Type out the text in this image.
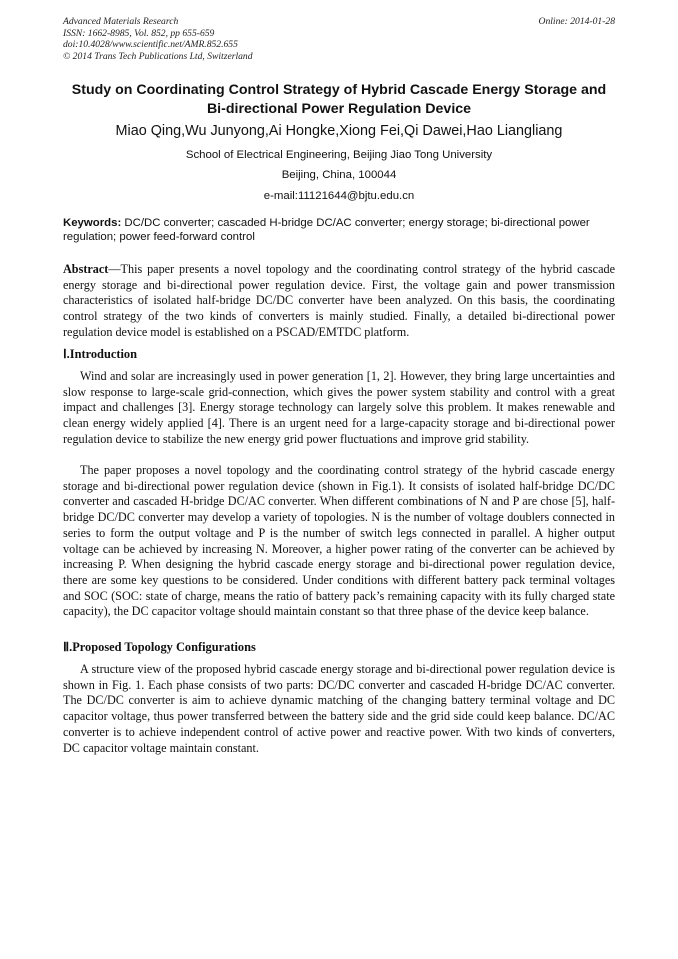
Advanced Materials Research
ISSN: 1662-8985, Vol. 852, pp 655-659
doi:10.4028/www.scientific.net/AMR.852.655
© 2014 Trans Tech Publications Ltd, Switzerland
Online: 2014-01-28
Study on Coordinating Control Strategy of Hybrid Cascade Energy Storage and Bi-directional Power Regulation Device
Miao Qing,Wu Junyong,Ai Hongke,Xiong Fei,Qi Dawei,Hao Liangliang
School of Electrical Engineering, Beijing Jiao Tong University
Beijing, China, 100044
e-mail:11121644@bjtu.edu.cn
Keywords: DC/DC converter; cascaded H-bridge DC/AC converter; energy storage; bi-directional power regulation; power feed-forward control
Abstract—This paper presents a novel topology and the coordinating control strategy of the hybrid cascade energy storage and bi-directional power regulation device. First, the voltage gain and power transmission characteristics of isolated half-bridge DC/DC converter have been analyzed. On this basis, the coordinating control strategy of the two kinds of converters is mainly studied. Finally, a detailed bi-directional power regulation device model is established on a PSCAD/EMTDC platform.
Ⅰ.Introduction
Wind and solar are increasingly used in power generation [1, 2]. However, they bring large uncertainties and slow response to large-scale grid-connection, which gives the power system stability and control with a great impact and challenges [3]. Energy storage technology can largely solve this problem. It makes renewable and clean energy widely applied [4]. There is an urgent need for a large-capacity storage and bi-directional power regulation device to stabilize the new energy grid power fluctuations and improve grid stability.
The paper proposes a novel topology and the coordinating control strategy of the hybrid cascade energy storage and bi-directional power regulation device (shown in Fig.1). It consists of isolated half-bridge DC/DC converter and cascaded H-bridge DC/AC converter. When different combinations of N and P are chose [5], half-bridge DC/DC converter may develop a variety of topologies. N is the number of voltage doublers connected in series to form the output voltage and P is the number of switch legs connected in parallel. A higher output voltage can be achieved by increasing N. Moreover, a higher power rating of the converter can be achieved by increasing P. When designing the hybrid cascade energy storage and bi-directional power regulation device, there are some key questions to be considered. Under conditions with different battery pack terminal voltages and SOC (SOC: state of charge, means the ratio of battery pack’s remaining capacity with its fully charged state capacity), the DC capacitor voltage should maintain constant so that three phase of the device keep balance.
Ⅱ.Proposed Topology Configurations
A structure view of the proposed hybrid cascade energy storage and bi-directional power regulation device is shown in Fig. 1. Each phase consists of two parts: DC/DC converter and cascaded H-bridge DC/AC converter. The DC/DC converter is aim to achieve dynamic matching of the changing battery terminal voltage and DC capacitor voltage, thus power transferred between the battery side and the grid side could keep balance. DC/AC converter is to achieve independent control of active power and reactive power. With two kinds of converters, DC capacitor voltage maintain constant.
